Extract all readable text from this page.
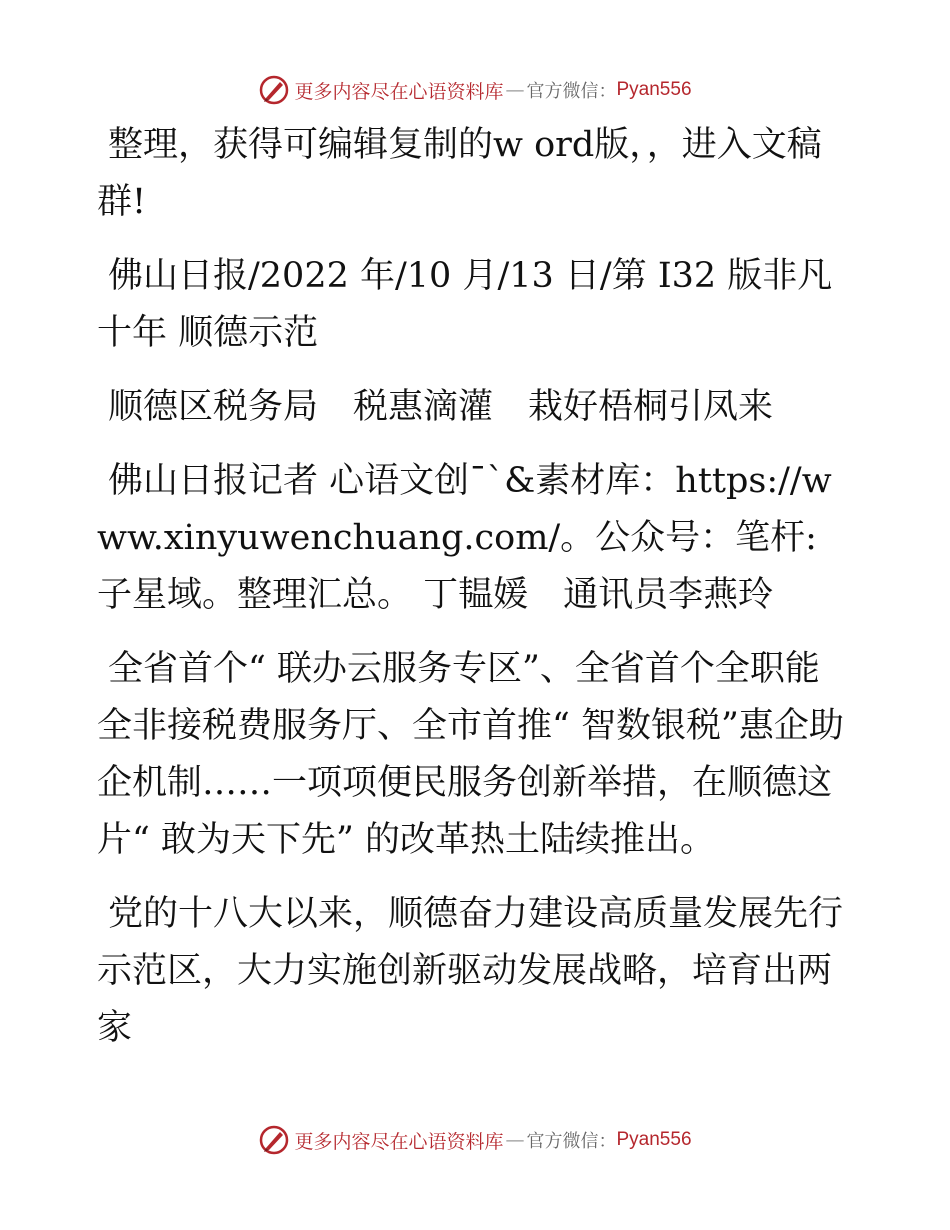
更多内容尽在心语资料库 — 官方微信： Pyan556

整理，获得可编辑复制的w ord版，，进入文稿群!

佛山日报/2022 年/10 月/13 日/第 I32 版非凡十年 顺德示范

顺德区税务局　税惠滴灌　栽好梧桐引凤来

佛山日报记者 心语文创¯`&素材库：https://www.xinyuwenchuang.com/。公众号：笔杆:子星域。整理汇总。 丁韫媛　通讯员李燕玲

全省首个“ 联办云服务专区”、全省首个全职能全非接税费服务厅、全市首推“ 智数银税”惠企助企机制……一项项便民服务创新举措，在顺德这片“ 敢为天下先” 的改革热土陆续推出。

党的十八大以来，顺德奋力建设高质量发展先行示范区，大力实施创新驱动发展战略，培育出两家

更多内容尽在心语资料库 — 官方微信： Pyan556
